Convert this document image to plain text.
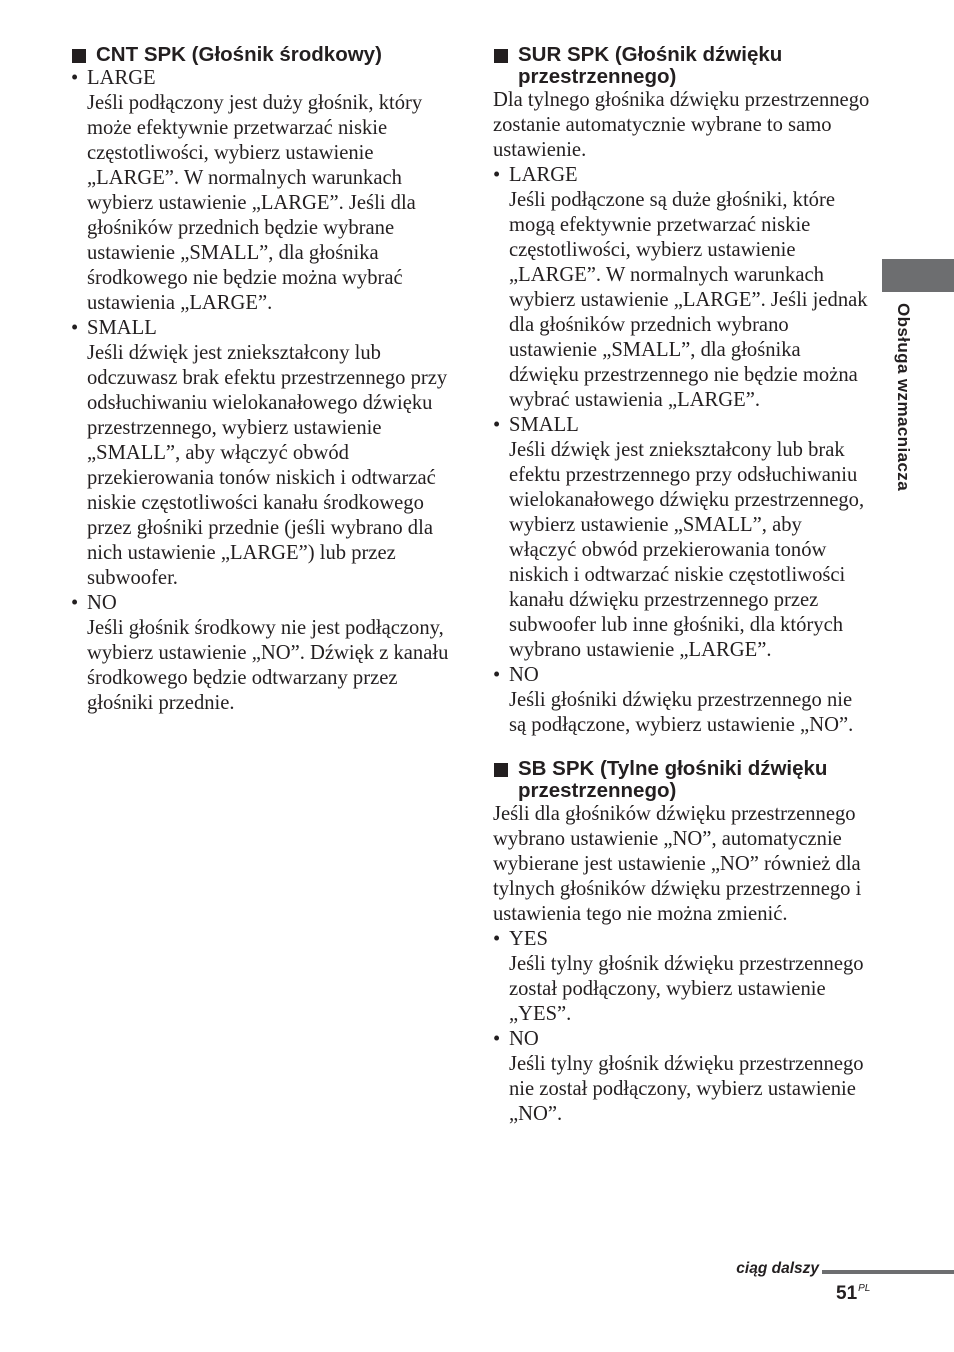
CNT SPK (Głośnik środkowy)
• LARGE
Jeśli podłączony jest duży głośnik, który może efektywnie przetwarzać niskie częstotliwości, wybierz ustawienie „LARGE”. W normalnych warunkach wybierz ustawienie „LARGE”. Jeśli dla głośników przednich będzie wybrane ustawienie „SMALL”, dla głośnika środkowego nie będzie można wybrać ustawienia „LARGE”.
• SMALL
Jeśli dźwięk jest zniekształcony lub odczuwasz brak efektu przestrzennego przy odsłuchiwaniu wielokanałowego dźwięku przestrzennego, wybierz ustawienie „SMALL”, aby włączyć obwód przekierowania tonów niskich i odtwarzać niskie częstotliwości kanału środkowego przez głośniki przednie (jeśli wybrano dla nich ustawienie „LARGE”) lub przez subwoofer.
• NO
Jeśli głośnik środkowy nie jest podłączony, wybierz ustawienie „NO”. Dźwięk z kanału środkowego będzie odtwarzany przez głośniki przednie.
SUR SPK (Głośnik dźwięku
przestrzennego)

Dla tylnego głośnika dźwięku przestrzennego zostanie automatycznie wybrane to samo ustawienie.

• LARGE
Jeśli podłączone są duże głośniki, które mogą efektywnie przetwarzać niskie częstotliwości, wybierz ustawienie „LARGE”. W normalnych warunkach wybierz ustawienie „LARGE”. Jeśli jednak dla głośników przednich wybrano ustawienie „SMALL”, dla głośnika dźwięku przestrzennego nie będzie można wybrać ustawienia „LARGE”.
• SMALL
Jeśli dźwięk jest zniekształcony lub brak efektu przestrzennego przy odsłuchiwaniu wielokanałowego dźwięku przestrzennego, wybierz ustawienie „SMALL”, aby włączyć obwód przekierowania tonów niskich i odtwarzać niskie częstotliwości kanału dźwięku przestrzennego przez subwoofer lub inne głośniki, dla których wybrano ustawienie „LARGE”.
• NO
Jeśli głośniki dźwięku przestrzennego nie są podłączone, wybierz ustawienie „NO”.
SB SPK (Tylne głośniki dźwięku
przestrzennego)

Jeśli dla głośników dźwięku przestrzennego wybrano ustawienie „NO”, automatycznie wybierane jest ustawienie „NO” również dla tylnych głośników dźwięku przestrzennego i ustawienia tego nie można zmienić.

• YES
Jeśli tylny głośnik dźwięku przestrzennego został podłączony, wybierz ustawienie „YES”.
• NO
Jeśli tylny głośnik dźwięku przestrzennego nie został podłączony, wybierz ustawienie „NO”.
Obsługa wzmacniacza
ciąg dalszy
$51^{PL}$
